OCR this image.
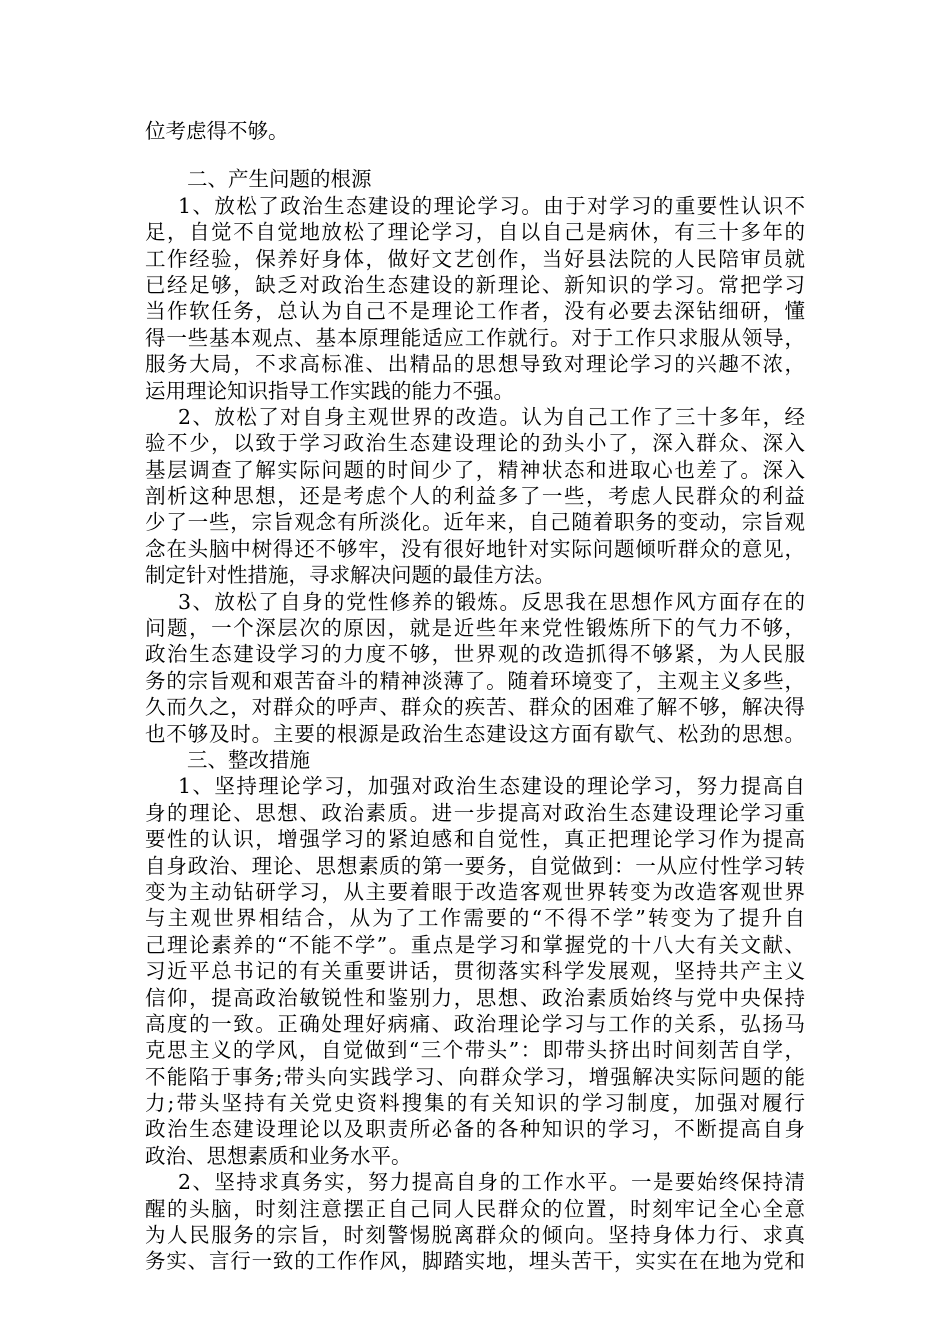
位考虑得不够。
二、产生问题的根源
1、放松了政治生态建设的理论学习。由于对学习的重要性认识不
足，自觉不自觉地放松了理论学习，自以自己是病休，有三十多年的
工作经验，保养好身体，做好文艺创作，当好县法院的人民陪审员就
已经足够，缺乏对政治生态建设的新理论、新知识的学习。常把学习
当作软任务，总认为自己不是理论工作者，没有必要去深钻细研，懂
得一些基本观点、基本原理能适应工作就行。对于工作只求服从领导，
服务大局，不求高标准、出精品的思想导致对理论学习的兴趣不浓，
运用理论知识指导工作实践的能力不强。
2、放松了对自身主观世界的改造。认为自己工作了三十多年，经
验不少，以致于学习政治生态建设理论的劲头小了，深入群众、深入
基层调查了解实际问题的时间少了，精神状态和进取心也差了。深入
剖析这种思想，还是考虑个人的利益多了一些，考虑人民群众的利益
少了一些，宗旨观念有所淡化。近年来，自己随着职务的变动，宗旨观
念在头脑中树得还不够牢，没有很好地针对实际问题倾听群众的意见，
制定针对性措施，寻求解决问题的最佳方法。
3、放松了自身的党性修养的锻炼。反思我在思想作风方面存在的
问题，一个深层次的原因，就是近些年来党性锻炼所下的气力不够，
政治生态建设学习的力度不够，世界观的改造抓得不够紧，为人民服
务的宗旨观和艰苦奋斗的精神淡薄了。随着环境变了，主观主义多些，
久而久之，对群众的呼声、群众的疾苦、群众的困难了解不够，解决得
也不够及时。主要的根源是政治生态建设这方面有歇气、松劲的思想。
三、整改措施
1、坚持理论学习，加强对政治生态建设的理论学习，努力提高自
身的理论、思想、政治素质。进一步提高对政治生态建设理论学习重
要性的认识，增强学习的紧迫感和自觉性，真正把理论学习作为提高
自身政治、理论、思想素质的第一要务，自觉做到：一从应付性学习转
变为主动钻研学习，从主要着眼于改造客观世界转变为改造客观世界
与主观世界相结合，从为了工作需要的“不得不学”转变为了提升自
己理论素养的“不能不学”。重点是学习和掌握党的十八大有关文献、
习近平总书记的有关重要讲话，贯彻落实科学发展观，坚持共产主义
信仰，提高政治敏锐性和鉴别力，思想、政治素质始终与党中央保持
高度的一致。正确处理好病痛、政治理论学习与工作的关系，弘扬马
克思主义的学风，自觉做到“三个带头”：即带头挤出时间刻苦自学，
不能陷于事务;带头向实践学习、向群众学习，增强解决实际问题的能
力;带头坚持有关党史资料搜集的有关知识的学习制度，加强对履行
政治生态建设理论以及职责所必备的各种知识的学习，不断提高自身
政治、思想素质和业务水平。
2、坚持求真务实，努力提高自身的工作水平。一是要始终保持清
醒的头脑，时刻注意摆正自己同人民群众的位置，时刻牢记全心全意
为人民服务的宗旨，时刻警惕脱离群众的倾向。坚持身体力行、求真
务实、言行一致的工作作风，脚踏实地，埋头苦干，实实在在地为党和
